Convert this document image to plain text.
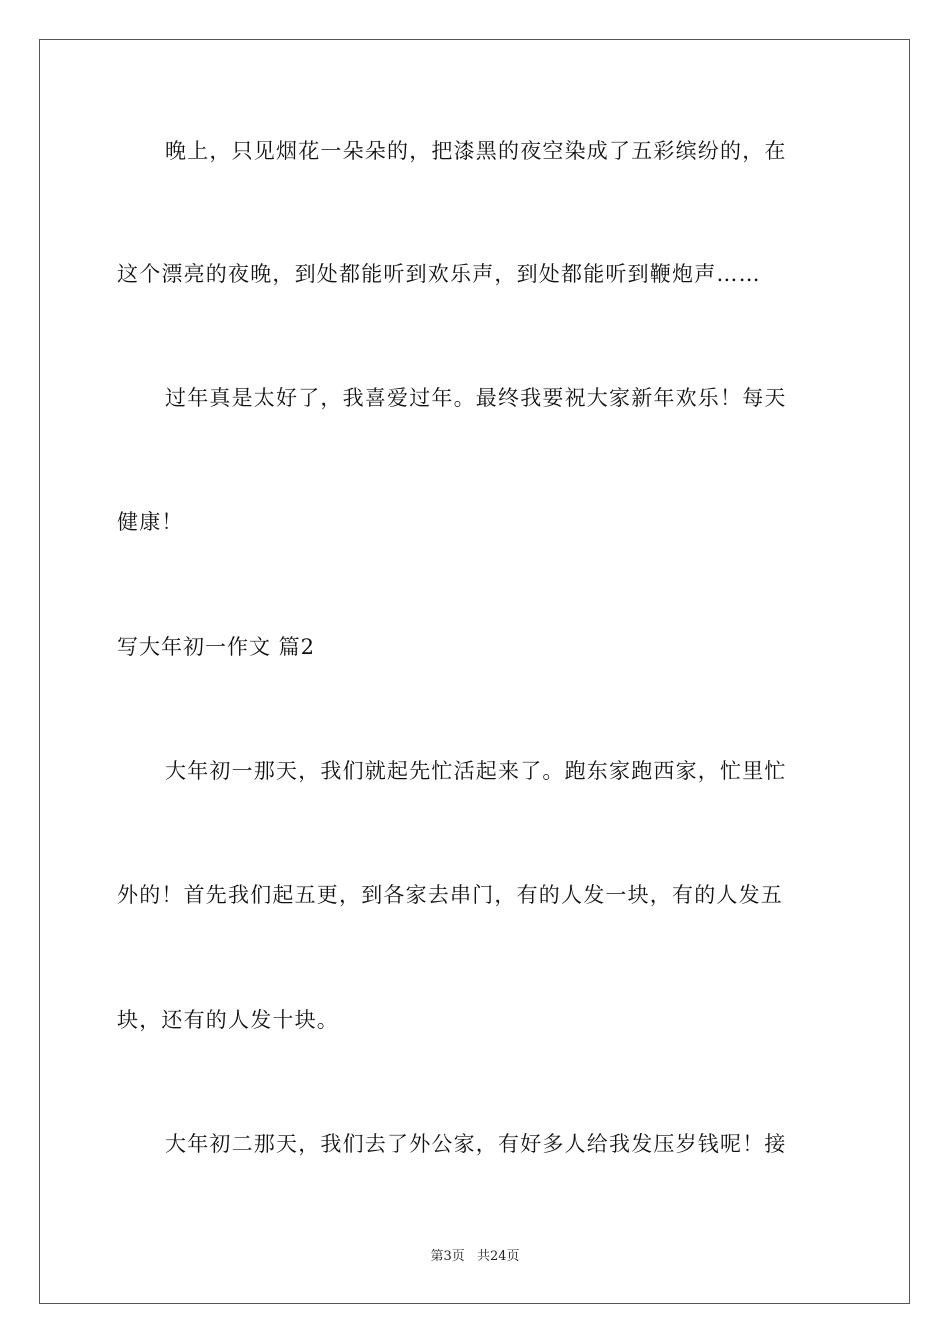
晚上，只见烟花一朵朵的，把漆黑的夜空染成了五彩缤纷的，在

这个漂亮的夜晚，到处都能听到欢乐声，到处都能听到鞭炮声……

过年真是太好了，我喜爱过年。最终我要祝大家新年欢乐！每天

健康！

写大年初一作文 篇2

大年初一那天，我们就起先忙活起来了。跑东家跑西家，忙里忙

外的！首先我们起五更，到各家去串门，有的人发一块，有的人发五

块，还有的人发十块。

大年初二那天，我们去了外公家，有好多人给我发压岁钱呢！接

第3页 共24页
